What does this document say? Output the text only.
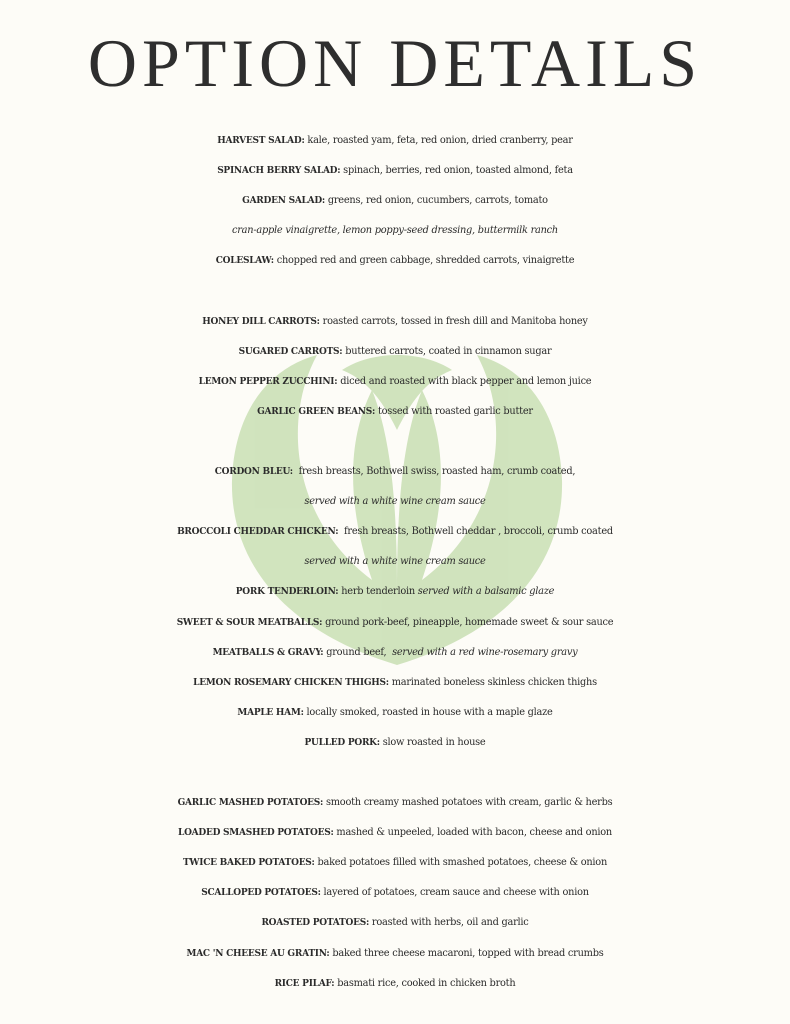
OPTION DETAILS
HARVEST SALAD: kale, roasted yam, feta, red onion, dried cranberry, pear
SPINACH BERRY SALAD: spinach, berries, red onion, toasted almond, feta
GARDEN SALAD: greens, red onion, cucumbers, carrots, tomato
cran-apple vinaigrette, lemon poppy-seed dressing, buttermilk ranch
COLESLAW: chopped red and green cabbage, shredded carrots, vinaigrette
HONEY DILL CARROTS: roasted carrots, tossed in fresh dill and Manitoba honey
SUGARED CARROTS: buttered carrots, coated in cinnamon sugar
LEMON PEPPER ZUCCHINI: diced and roasted with black pepper and lemon juice
GARLIC GREEN BEANS: tossed with roasted garlic butter
CORDON BLEU:  fresh breasts, Bothwell swiss, roasted ham, crumb coated,
served with a white wine cream sauce
BROCCOLI CHEDDAR CHICKEN:  fresh breasts, Bothwell cheddar , broccoli, crumb coated
served with a white wine cream sauce
PORK TENDERLOIN: herb tenderloin served with a balsamic glaze
SWEET & SOUR MEATBALLS: ground pork-beef, pineapple, homemade sweet & sour sauce
MEATBALLS & GRAVY: ground beef,  served with a red wine-rosemary gravy
LEMON ROSEMARY CHICKEN THIGHS: marinated boneless skinless chicken thighs
MAPLE HAM: locally smoked, roasted in house with a maple glaze
PULLED PORK: slow roasted in house
GARLIC MASHED POTATOES: smooth creamy mashed potatoes with cream, garlic & herbs
LOADED SMASHED POTATOES: mashed & unpeeled, loaded with bacon, cheese and onion
TWICE BAKED POTATOES: baked potatoes filled with smashed potatoes, cheese & onion
SCALLOPED POTATOES: layered of potatoes, cream sauce and cheese with onion
ROASTED POTATOES: roasted with herbs, oil and garlic
MAC 'N CHEESE AU GRATIN: baked three cheese macaroni, topped with bread crumbs
RICE PILAF: basmati rice, cooked in chicken broth
